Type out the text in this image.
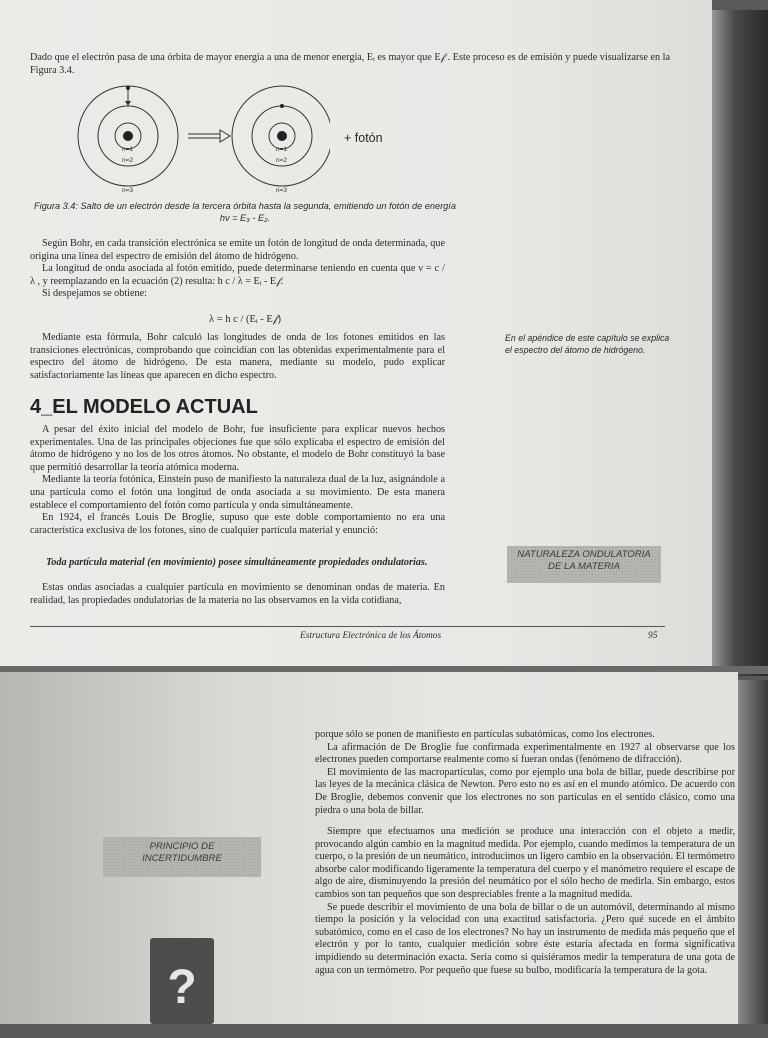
Dado que el electrón pasa de una órbita de mayor energía a una de menor energía, Eᵢ es mayor que E𝒻 . Este proceso es de emisión y puede visualizarse en la Figura 3.4.

n=1
n=2
n=3
n=1
n=2
n=3
+ fotón
Figura 3.4: Salto de un electrón desde la tercera órbita hasta la segunda, emitiendo un fotón de energía hν = E₃ - E₂.

Según Bohr, en cada transición electrónica se emite un fotón de longitud de onda determinada, que origina una línea del espectro de emisión del átomo de hidrógeno.

La longitud de onda asociada al fotón emitido, puede determinarse teniendo en cuenta que ν = c / λ , y reemplazando en la ecuación (2) resulta: h c / λ = Eᵢ - E𝒻.

Si despejamos se obtiene:

λ = h c / (Eᵢ - E𝒻)

Mediante esta fórmula, Bohr calculó las longitudes de onda de los fotones emitidos en las transiciones electrónicas, comprobando que coincidían con las obtenidas experimentalmente para el espectro del átomo de hidrógeno. De esta manera, mediante su modelo, pudo explicar satisfactoriamente las líneas que aparecen en dicho espectro.

En el apéndice de este capítulo se explica el espectro del átomo de hidrógeno.
4_EL MODELO ACTUAL

A pesar del éxito inicial del modelo de Bohr, fue insuficiente para explicar nuevos hechos experimentales. Una de las principales objeciones fue que sólo explicaba el espectro de emisión del átomo de hidrógeno y no los de los otros átomos. No obstante, el modelo de Bohr constituyó la base que permitió desarrollar la teoría atómica moderna.

Mediante la teoría fotónica, Einstein puso de manifiesto la naturaleza dual de la luz, asignándole a una partícula como el fotón una longitud de onda asociada a su movimiento. De esta manera establece el comportamiento del fotón como partícula y onda simultáneamente.

En 1924, el francés Louis De Broglie, supuso que este doble comportamiento no era una característica exclusiva de los fotones, sino de cualquier partícula material y enunció:

Toda partícula material (en movimiento) posee simultáneamente propiedades ondulatorias.

Estas ondas asociadas a cualquier partícula en movimiento se denominan ondas de materia. En realidad, las propiedades ondulatorias de la materia no las observamos en la vida cotidiana,

NATURALEZA ONDULATORIA
DE LA MATERIA
Estructura Electrónica de los Átomos	95

porque sólo se ponen de manifiesto en partículas subatómicas, como los electrones.

La afirmación de De Broglie fue confirmada experimentalmente en 1927 al observarse que los electrones pueden comportarse realmente como si fueran ondas (fenómeno de difracción).

El movimiento de las macropartículas, como por ejemplo una bola de billar, puede describirse por las leyes de la mecánica clásica de Newton. Pero esto no es así en el mundo atómico. De acuerdo con De Broglie, debemos convenir que los electrones no son partículas en el sentido clásico, como una piedra o una bola de billar.

Siempre que efectuamos una medición se produce una interacción con el objeto a medir, provocando algún cambio en la magnitud medida. Por ejemplo, cuando medimos la temperatura de un cuerpo, o la presión de un neumático, introducimos un ligero cambio en la observación. El termómetro absorbe calor modificando ligeramente la temperatura del cuerpo y el manómetro requiere el escape de algo de aire, disminuyendo la presión del neumático por el sólo hecho de medirla. Sin embargo, estos cambios son tan pequeños que son despreciables frente a la magnitud medida.

Se puede describir el movimiento de una bola de billar o de un automóvil, determinando al mismo tiempo la posición y la velocidad con una exactitud satisfactoria. ¿Pero qué sucede en el ámbito subatómico, como en el caso de los electrones? No hay un instrumento de medida más pequeño que el electrón y por lo tanto, cualquier medición sobre éste estaría afectada en forma significativa impidiendo su determinación exacta. Sería como si quisiéramos medir la temperatura de una gota de agua con un termómetro. Por pequeño que fuese su bulbo, modificaría la temperatura de la gota.

PRINCIPIO DE
INCERTIDUMBRE
?
